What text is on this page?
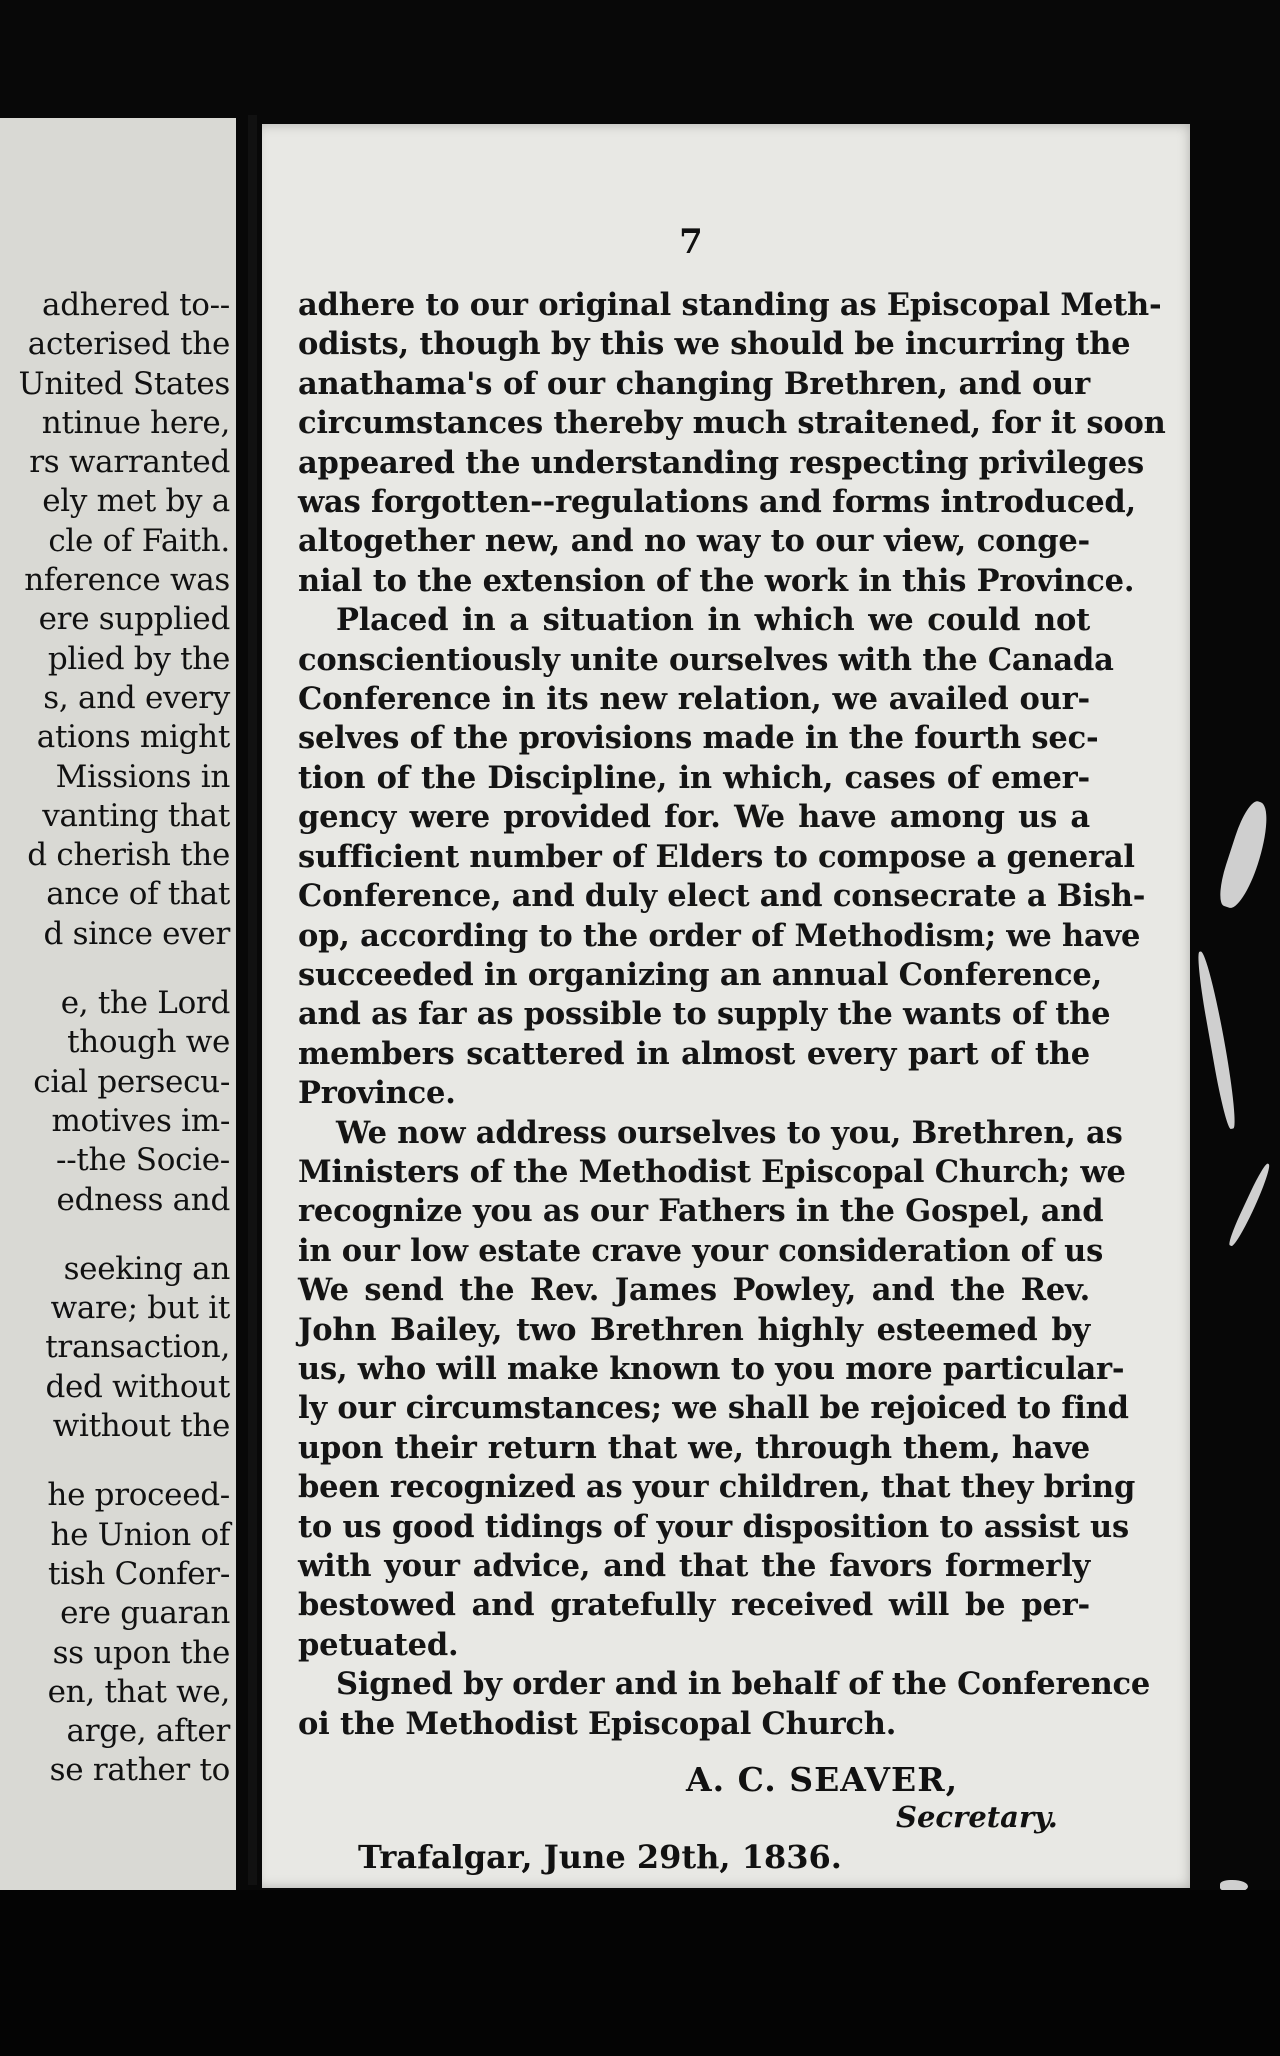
adhered to--
acterised the
United States
ntinue here,
rs warranted
ely met by a
cle of Faith.
nference was
ere supplied
plied by the
s, and every
ations might
Missions in
vanting that
d cherish the
ance of that
d since ever
e, the Lord
though we
cial persecu-
motives im-
--the Socie-
edness and
seeking an
ware; but it
transaction,
ded without
without the
he proceed-
he Union of
tish Confer-
ere guaran
ss upon the
en, that we,
arge, after
se rather to
7
adhere to our original standing as Episcopal Meth-
odists, though by this we should be incurring the
anathama's of our changing Brethren, and our
circumstances thereby much straitened, for it soon
appeared the understanding respecting privileges
was forgotten--regulations and forms introduced,
altogether new, and no way to our view, conge-
nial to the extension of the work in this Province.
Placed in a situation in which we could not
conscientiously unite ourselves with the Canada
Conference in its new relation, we availed our-
selves of the provisions made in the fourth sec-
tion of the Discipline, in which, cases of emer-
gency were provided for. We have among us a
sufficient number of Elders to compose a general
Conference, and duly elect and consecrate a Bish-
op, according to the order of Methodism; we have
succeeded in organizing an annual Conference,
and as far as possible to supply the wants of the
members scattered in almost every part of the
Province.
We now address ourselves to you, Brethren, as
Ministers of the Methodist Episcopal Church; we
recognize you as our Fathers in the Gospel, and
in our low estate crave your consideration of us
We send the Rev. James Powley, and the Rev.
John Bailey, two Brethren highly esteemed by
us, who will make known to you more particular-
ly our circumstances; we shall be rejoiced to find
upon their return that we, through them, have
been recognized as your children, that they bring
to us good tidings of your disposition to assist us
with your advice, and that the favors formerly
bestowed and gratefully received will be per-
petuated.
Signed by order and in behalf of the Conference
oi the Methodist Episcopal Church.
A. C. SEAVER,
Secretary.
Trafalgar, June 29th, 1836.
